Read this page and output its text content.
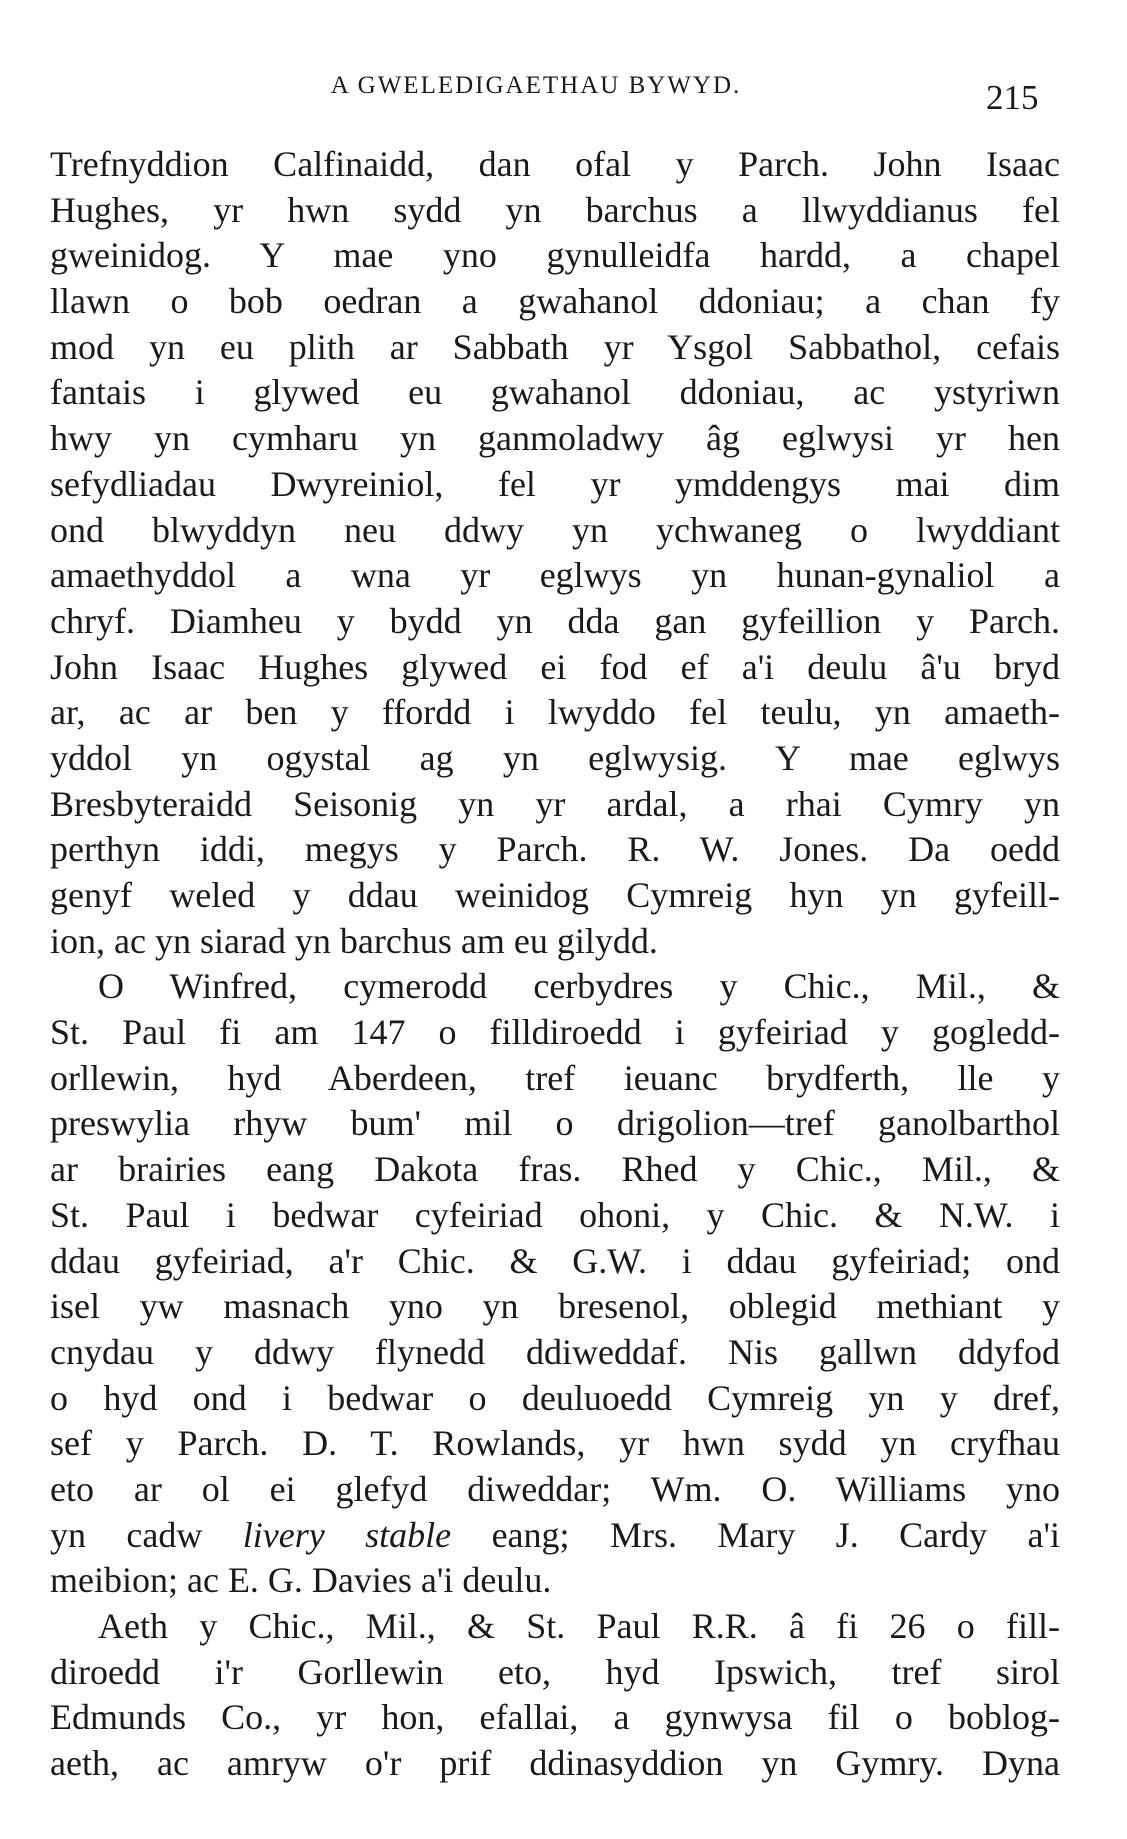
A GWELEDIGAETHAU BYWYD.	215
Trefnyddion Calfinaidd, dan ofal y Parch. John Isaac
Hughes, yr hwn sydd yn barchus a llwyddianus fel
gweinidog. Y mae yno gynulleidfa hardd, a chapel
llawn o bob oedran a gwahanol ddoniau; a chan fy
mod yn eu plith ar Sabbath yr Ysgol Sabbathol, cefais
fantais i glywed eu gwahanol ddoniau, ac ystyriwn
hwy yn cymharu yn ganmoladwy âg eglwysi yr hen
sefydliadau Dwyreiniol, fel yr ymddengys mai dim
ond blwyddyn neu ddwy yn ychwaneg o lwyddiant
amaethyddol a wna yr eglwys yn hunan-gynaliol a
chryf. Diamheu y bydd yn dda gan gyfeillion y Parch.
John Isaac Hughes glywed ei fod ef a'i deulu â'u bryd
ar, ac ar ben y ffordd i lwyddo fel teulu, yn amaeth-
yddol yn ogystal ag yn eglwysig. Y mae eglwys
Bresbyteraidd Seisonig yn yr ardal, a rhai Cymry yn
perthyn iddi, megys y Parch. R. W. Jones. Da oedd
genyf weled y ddau weinidog Cymreig hyn yn gyfeill-
ion, ac yn siarad yn barchus am eu gilydd.
O Winfred, cymerodd cerbydres y Chic., Mil., &
St. Paul fi am 147 o filldiroedd i gyfeiriad y gogledd-
orllewin, hyd Aberdeen, tref ieuanc brydferth, lle y
preswylia rhyw bum' mil o drigolion—tref ganolbarthol
ar brairies eang Dakota fras. Rhed y Chic., Mil., &
St. Paul i bedwar cyfeiriad ohoni, y Chic. & N.W. i
ddau gyfeiriad, a'r Chic. & G.W. i ddau gyfeiriad; ond
isel yw masnach yno yn bresenol, oblegid methiant y
cnydau y ddwy flynedd ddiweddaf. Nis gallwn ddyfod
o hyd ond i bedwar o deuluoedd Cymreig yn y dref,
sef y Parch. D. T. Rowlands, yr hwn sydd yn cryfhau
eto ar ol ei glefyd diweddar; Wm. O. Williams yno
yn cadw livery stable eang; Mrs. Mary J. Cardy a'i
meibion; ac E. G. Davies a'i deulu.
Aeth y Chic., Mil., & St. Paul R.R. â fi 26 o fill-
diroedd i'r Gorllewin eto, hyd Ipswich, tref sirol
Edmunds Co., yr hon, efallai, a gynwysa fil o boblog-
aeth, ac amryw o'r prif ddinasyddion yn Gymry. Dyna
